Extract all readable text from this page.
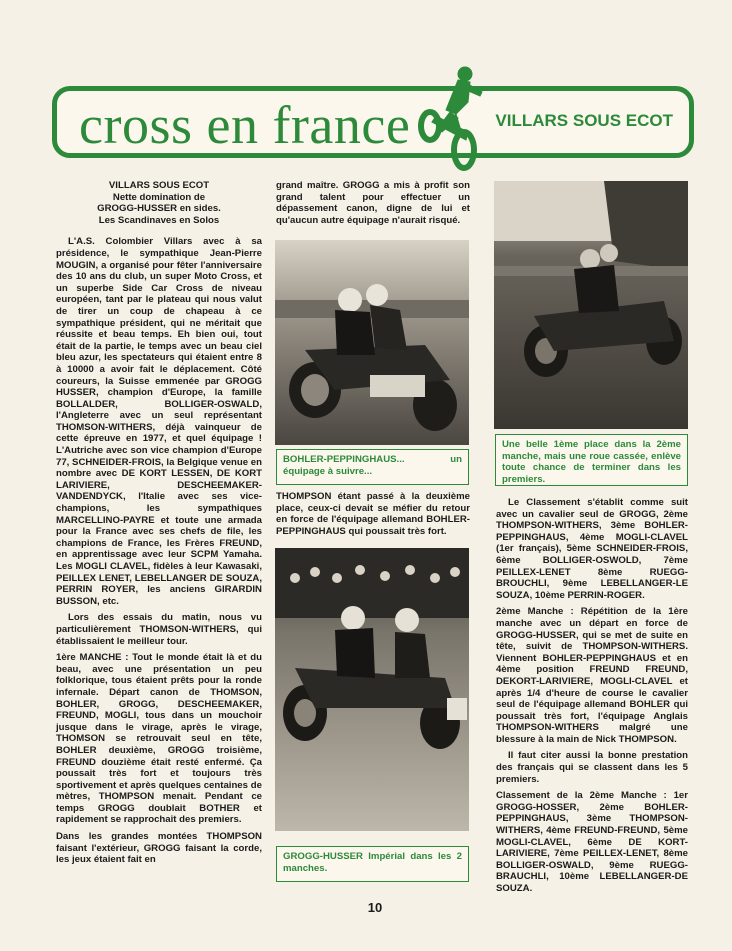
cross en france	VILLARS SOUS ECOT

VILLARS SOUS ECOT

Nette domination de

GROGG-HUSSER en sides.

Les Scandinaves en Solos

L'A.S. Colombier Villars avec à sa présidence, le sympathique Jean-Pierre MOUGIN, a organisé pour fêter l'anniversaire des 10 ans du club, un super Moto Cross, et un superbe Side Car Cross de niveau européen, tant par le plateau qui nous valut de tirer un coup de chapeau à ce sympathique président, qui ne méritait que réussite et beau temps. Eh bien oui, tout était de la partie, le temps avec un beau ciel bleu azur, les spectateurs qui étaient entre 8 à 10000 a avoir fait le déplacement. Côté coureurs, la Suisse emmenée par GROGG HUSSER, champion d'Europe, la famille BOLLALDER, BOLLIGER-OSWALD, l'Angleterre avec un seul représentant THOMSON-WITHERS, déjà vainqueur de cette épreuve en 1977, et quel équipage ! L'Autriche avec son vice champion d'Europe 77, SCHNEIDER-FROIS, la Belgique venue en nombre avec DE KORT LESSEN, DE KORT LARIVIERE, DESCHEEMAKER-VANDENDYCK, l'Italie avec ses vice-champions, les sympathiques MARCELLINO-PAYRE et toute une armada pour la France avec ses chefs de file, les champions de France, les Frères FREUND, en apprentissage avec leur SCPM Yamaha. Les MOGLI CLAVEL, fidèles à leur Kawasaki, PEILLEX LENET, LEBELLANGER DE SOUZA, PERRIN ROYER, les anciens GIRARDIN BUSSON, etc.

Lors des essais du matin, nous vu particulièrement THOMSON-WITHERS, qui établissaient le meilleur tour.

1ère MANCHE : Tout le monde était là et du beau, avec une présentation un peu folklorique, tous étaient prêts pour la ronde infernale. Départ canon de THOMSON, BOHLER, GROGG, DESCHEEMAKER, FREUND, MOGLI, tous dans un mouchoir jusque dans le virage, après le virage, THOMSON se retrouvait seul en tête, BOHLER deuxième, GROGG troisième, FREUND douzième était resté enfermé. Ça poussait très fort et toujours très sportivement et après quelques centaines de mètres, THOMPSON menait. Pendant ce temps GROGG doublait BOTHER et rapidement se rapprochait des premiers.

Dans les grandes montées THOMPSON faisant l'extérieur, GROGG faisant la corde, les jeux étaient fait en

grand maître. GROGG a mis à profit son grand talent pour effectuer un dépassement canon, digne de lui et qu'aucun autre équipage n'aurait risqué.

THOMPSON étant passé à la deuxième place, ceux-ci devait se méfier du retour en force de l'équipage allemand BOHLER-PEPPINGHAUS qui poussait très fort.

BOHLER-PEPPINGHAUS... un équipage à suivre...
Une belle 1ème place dans la 2ème manche, mais une roue cassée, enlève toute chance de terminer dans les premiers.
GROGG-HUSSER Impérial dans les 2 manches.

Le Classement s'établit comme suit avec un cavalier seul de GROGG, 2ème THOMPSON-WITHERS, 3ème BOHLER-PEPPINGHAUS, 4ème MOGLI-CLAVEL (1er français), 5ème SCHNEIDER-FROIS, 6ème BOLLIGER-OSWOLD, 7ème PEILLEX-LENET 8ème RUEGG-BROUCHLI, 9ème LEBELLANGER-LE SOUZA, 10ème PERRIN-ROGER.

2ème Manche : Répétition de la 1ère manche avec un départ en force de GROGG-HUSSER, qui se met de suite en tête, suivit de THOMPSON-WITHERS. Viennent BOHLER-PEPPINGHAUS et en 4ème position FREUND FREUND, DEKORT-LARIVIERE, MOGLI-CLAVEL et après 1/4 d'heure de course le cavalier seul de l'équipage allemand BOHLER qui poussait très fort, l'équipage Anglais THOMPSON-WITHERS malgré une blessure à la main de Nick THOMPSON.

Il faut citer aussi la bonne prestation des français qui se classent dans les 5 premiers.

Classement de la 2ème Manche : 1er GROGG-HOSSER, 2ème BOHLER-PEPPINGHAUS, 3ème THOMPSON-WITHERS, 4ème FREUND-FREUND, 5ème MOGLI-CLAVEL, 6ème DE KORT-LARIVIERE, 7ème PEILLEX-LENET, 8ème BOLLIGER-OSWALD, 9ème RUEGG-BRAUCHLI, 10ème LEBELLANGER-DE SOUZA.

10
